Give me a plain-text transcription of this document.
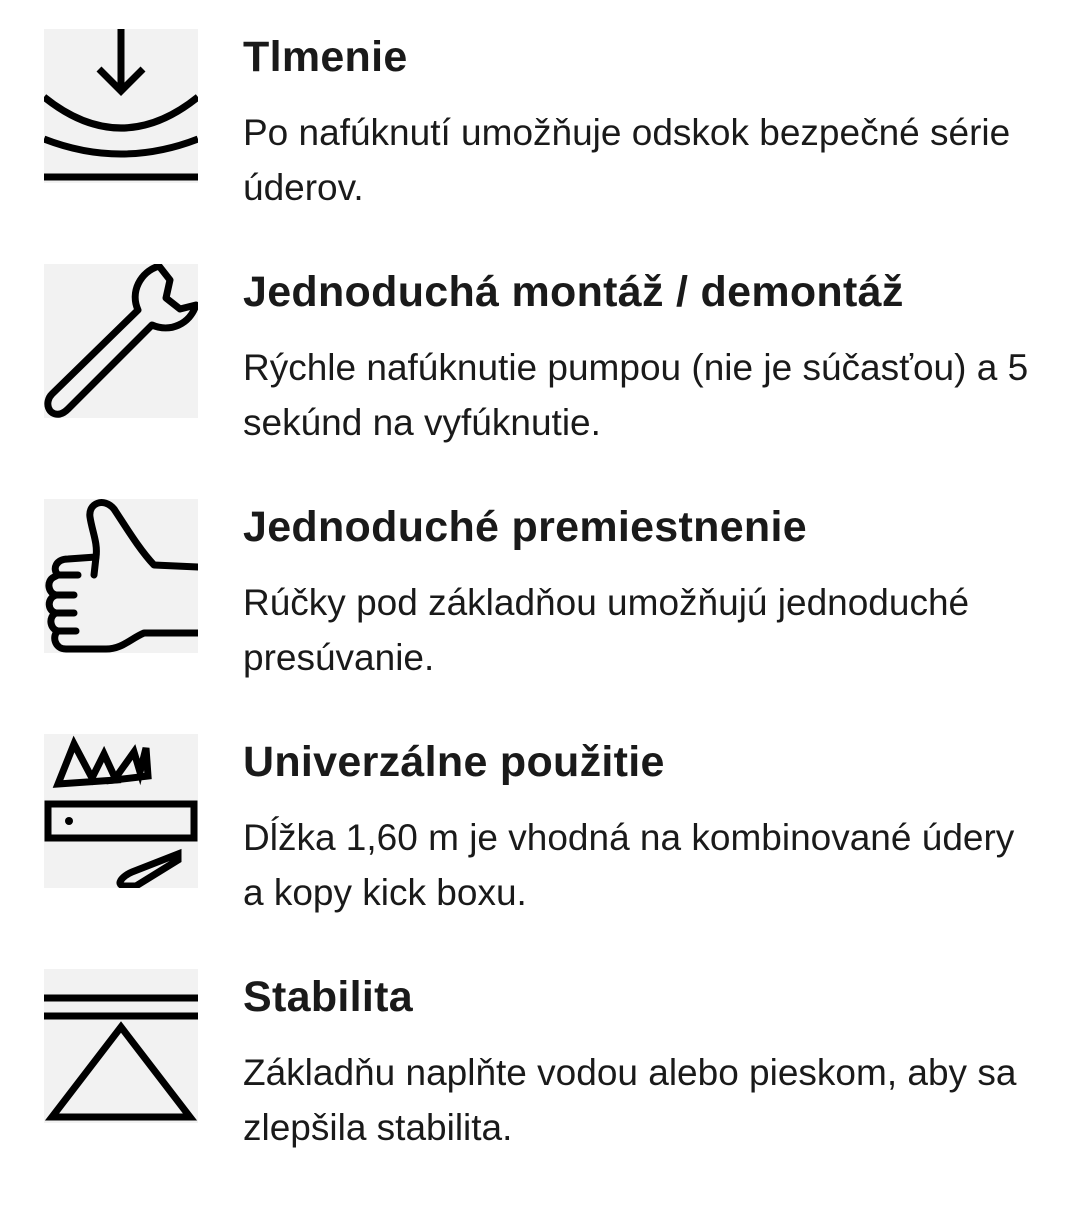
Tlmenie

Po nafúknutí umožňuje odskok bezpečné série úderov.

Jednoduchá montáž / demontáž

Rýchle nafúknutie pumpou (nie je súčasťou) a 5 sekúnd na vyfúknutie.

Jednoduché premiestnenie

Rúčky pod základňou umožňujú jednoduché presúvanie.

Univerzálne použitie

Dĺžka 1,60 m je vhodná na kombinované údery a kopy kick boxu.

Stabilita

Základňu naplňte vodou alebo pieskom, aby sa zlepšila stabilita.
